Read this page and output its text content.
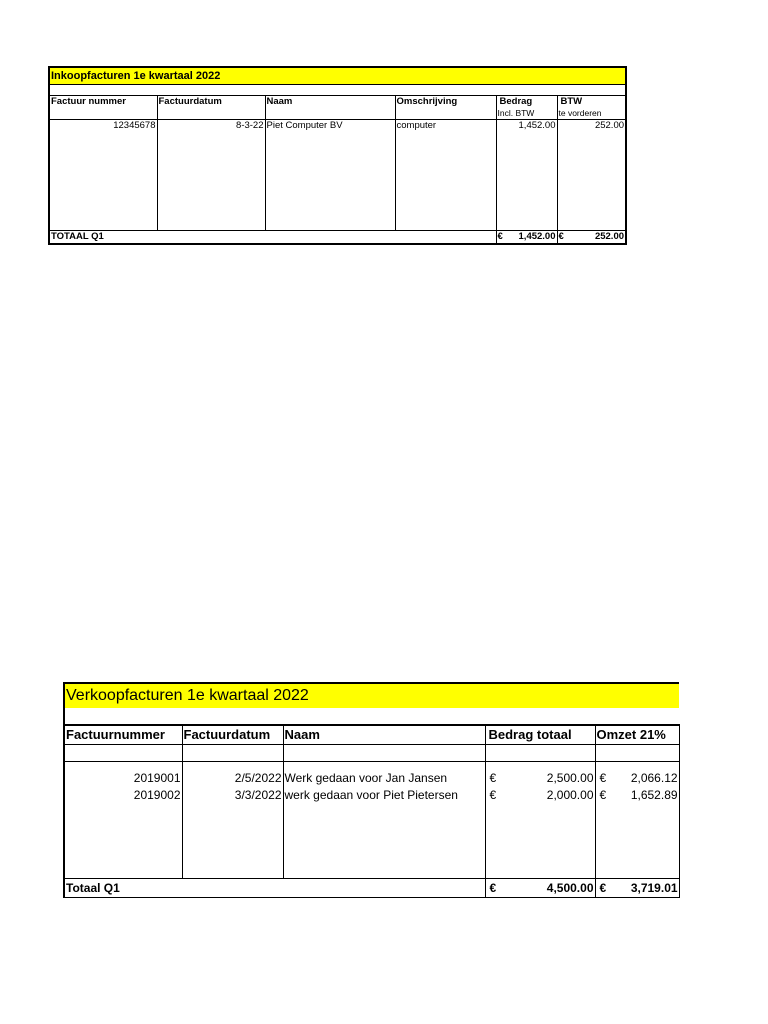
Inkoopfacturen 1e kwartaal 2022					

Factuur nummer	Factuurdatum	Naam	Omschrijving	Bedrag	BTW
				Incl. BTW	te vorderen
12345678	8-3-22	Piet Computer BV	computer	1,452.00	252.00
TOTAAL Q1				€ 1,452.00	€ 252.00
Verkoopfacturen 1e kwartaal 2022				

Factuurnummer	Factuurdatum	Naam	Bedrag totaal	Omzet 21%

2019001	2/5/2022	Werk gedaan voor Jan Jansen	€ 2,500.00	€ 2,066.12
2019002	3/3/2022	werk gedaan voor Piet Pietersen	€ 2,000.00	€ 1,652.89

Totaal Q1			€ 4,500.00	€ 3,719.01
